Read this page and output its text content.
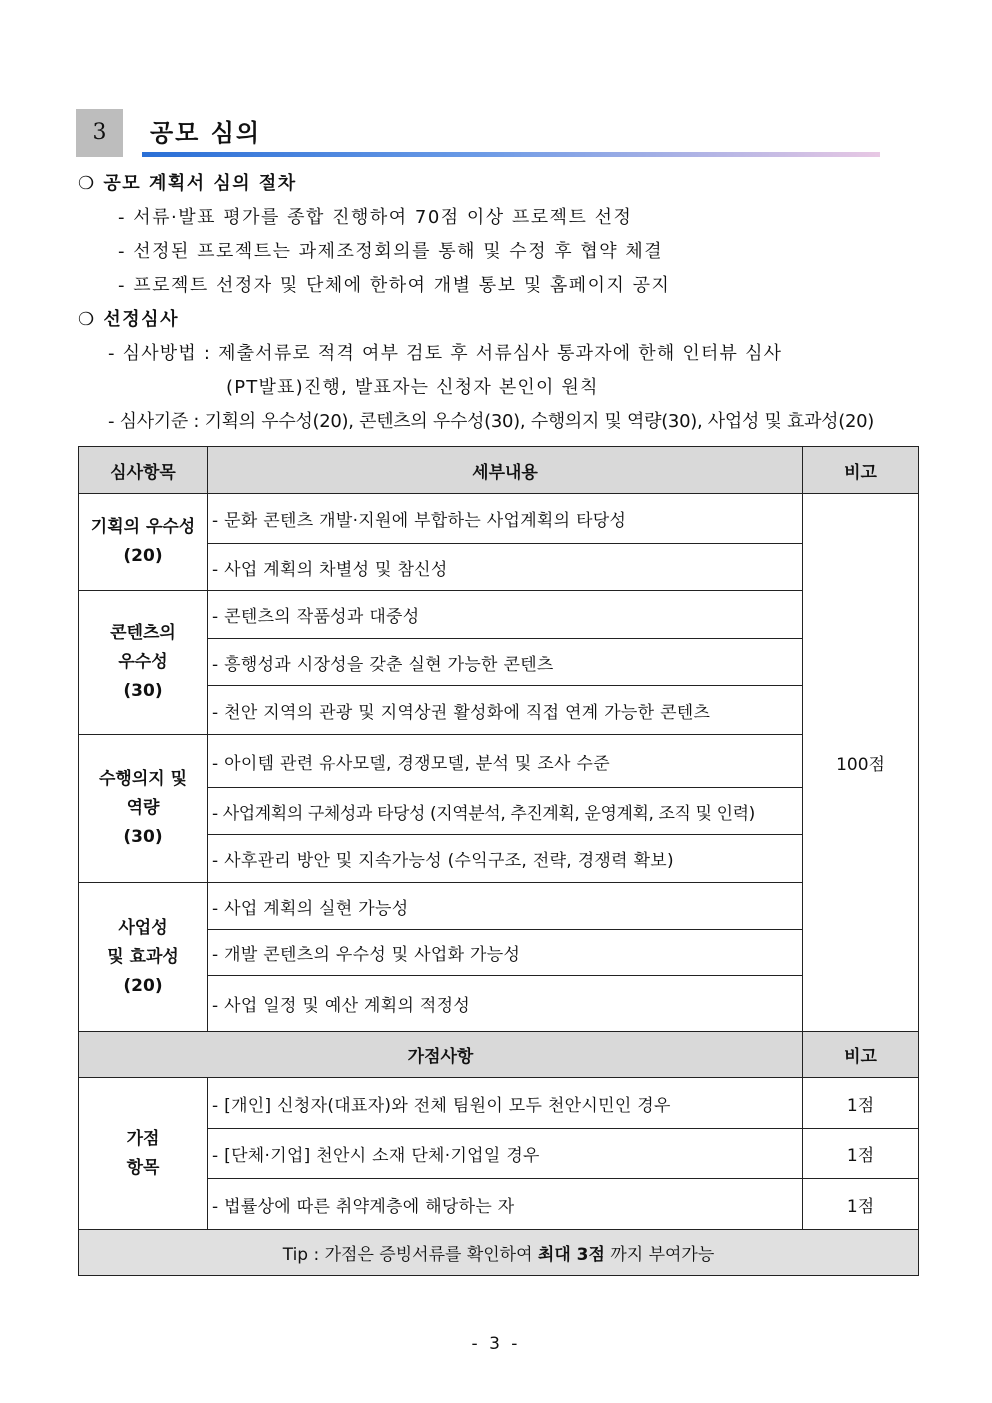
3	공모 심의
❍ 공모 계획서 심의 절차
- 서류·발표 평가를 종합 진행하여 70점 이상 프로젝트 선정
- 선정된 프로젝트는 과제조정회의를 통해 및 수정 후 협약 체결
- 프로젝트 선정자 및 단체에 한하여 개별 통보 및 홈페이지 공지
❍ 선정심사
- 심사방법 : 제출서류로 적격 여부 검토 후 서류심사 통과자에 한해 인터뷰 심사
(PT발표)진행, 발표자는 신청자 본인이 원칙
- 심사기준 : 기획의 우수성(20), 콘텐츠의 우수성(30), 수행의지 및 역량(30), 사업성 및 효과성(20)
심사항목	세부내용	비고

기획의 우수성
(20)	- 문화 콘텐츠 개발·지원에 부합하는 사업계획의 타당성	100점
	- 사업 계획의 차별성 및 참신성	

콘텐츠의
우수성
(30)	- 콘텐츠의 작품성과 대중성	
	- 흥행성과 시장성을 갖춘 실현 가능한 콘텐츠	
	- 천안 지역의 관광 및 지역상권 활성화에 직접 연계 가능한 콘텐츠	

수행의지 및
역량
(30)	- 아이템 관련 유사모델, 경쟁모델, 분석 및 조사 수준	
	- 사업계획의 구체성과 타당성 (지역분석, 추진계획, 운영계획, 조직 및 인력)	
	- 사후관리 방안 및 지속가능성 (수익구조, 전략, 경쟁력 확보)	

사업성
및 효과성
(20)	- 사업 계획의 실현 가능성	
	- 개발 콘텐츠의 우수성 및 사업화 가능성	
	- 사업 일정 및 예산 계획의 적정성	
가점사항		비고

가점
항목	- [개인] 신청자(대표자)와 전체 팀원이 모두 천안시민인 경우	1점
	- [단체·기업] 천안시 소재 단체·기업일 경우	1점
	- 법률상에 따른 취약계층에 해당하는 자	1점
Tip : 가점은 증빙서류를 확인하여 최대 3점 까지 부여가능		
- 3 -
